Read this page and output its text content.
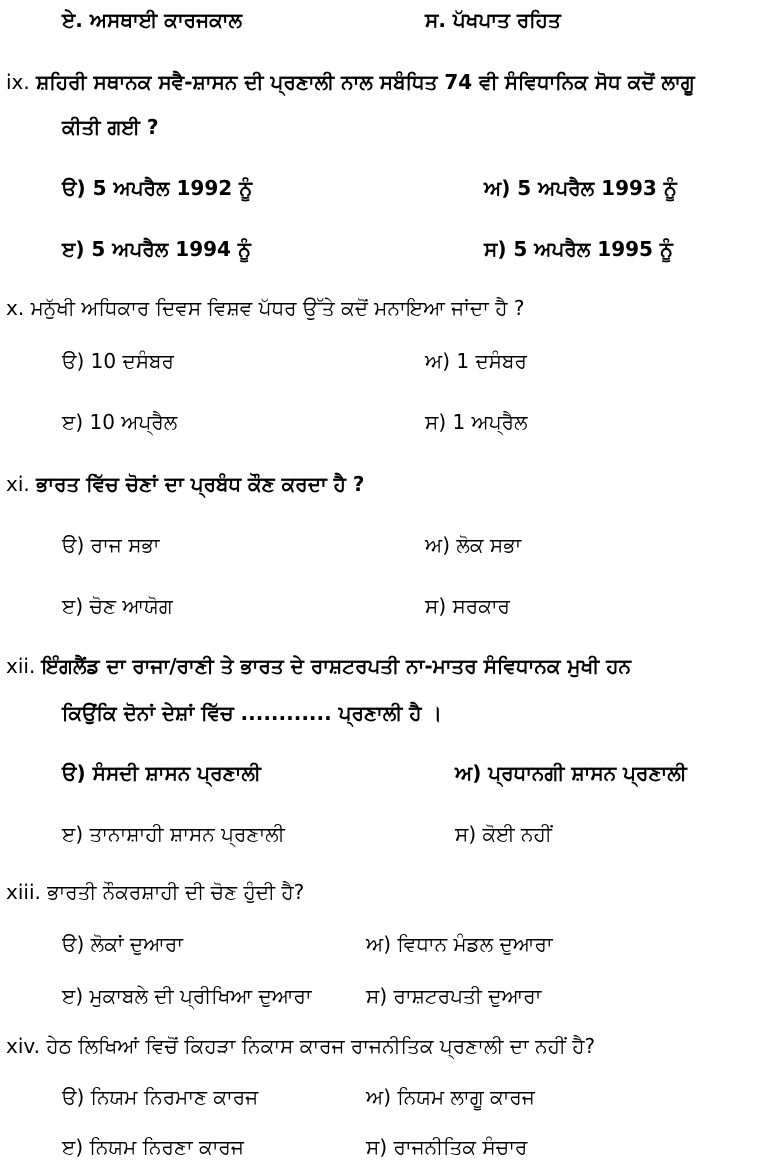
ਏ. ਅਸਥਾਈ ਕਾਰਜਕਾਲ	ਸ. ਪੱਖਪਾਤ ਰਹਿਤ
ix. ਸ਼ਹਿਰੀ ਸਥਾਨਕ ਸਵੈ-ਸ਼ਾਸਨ ਦੀ ਪ੍ਰਣਾਲੀ ਨਾਲ ਸਬੰਧਿਤ 74 ਵੀ ਸੰਵਿਧਾਨਿਕ ਸੋਧ ਕਦੋਂ ਲਾਗੂ
ਕੀਤੀ ਗਈ ?
ੳ) 5 ਅਪਰੈਲ 1992 ਨੂੰ	ਅ) 5 ਅਪਰੈਲ 1993 ਨੂੰ
ੲ) 5 ਅਪਰੈਲ 1994 ਨੂੰ	ਸ) 5 ਅਪਰੈਲ 1995 ਨੂੰ
x. ਮਨੁੱਖੀ ਅਧਿਕਾਰ ਦਿਵਸ ਵਿਸ਼ਵ ਪੱਧਰ ਉੱਤੇ ਕਦੋਂ ਮਨਾਇਆ ਜਾਂਦਾ ਹੈ ?
ੳ) 10 ਦਸੰਬਰ	ਅ) 1 ਦਸੰਬਰ
ੲ) 10 ਅਪ੍ਰੈਲ	ਸ) 1 ਅਪ੍ਰੈਲ
xi. ਭਾਰਤ ਵਿੱਚ ਚੋਣਾਂ ਦਾ ਪ੍ਰਬੰਧ ਕੌਣ ਕਰਦਾ ਹੈ ?
ੳ) ਰਾਜ ਸਭਾ	ਅ) ਲੋਕ ਸਭਾ
ੲ) ਚੋਣ ਆਯੋਗ	ਸ) ਸਰਕਾਰ
xii. ਇੰਗਲੈਂਡ ਦਾ ਰਾਜਾ/ਰਾਣੀ ਤੇ ਭਾਰਤ ਦੇ ਰਾਸ਼ਟਰਪਤੀ ਨਾ-ਮਾਤਰ ਸੰਵਿਧਾਨਕ ਮੁਖੀ ਹਨ
ਕਿਉਂਕਿ ਦੋਨਾਂ ਦੇਸ਼ਾਂ ਵਿੱਚ ............ ਪ੍ਰਣਾਲੀ ਹੈ ।
ੳ) ਸੰਸਦੀ ਸ਼ਾਸਨ ਪ੍ਰਣਾਲੀ	ਅ) ਪ੍ਰਧਾਨਗੀ ਸ਼ਾਸਨ ਪ੍ਰਣਾਲੀ
ੲ) ਤਾਨਾਸ਼ਾਹੀ ਸ਼ਾਸਨ ਪ੍ਰਣਾਲੀ	ਸ) ਕੋਈ ਨਹੀਂ
xiii. ਭਾਰਤੀ ਨੌਕਰਸ਼ਾਹੀ ਦੀ ਚੋਣ ਹੁੰਦੀ ਹੈ?
ੳ) ਲੋਕਾਂ ਦੁਆਰਾ	ਅ) ਵਿਧਾਨ ਮੰਡਲ ਦੁਆਰਾ
ੲ) ਮੁਕਾਬਲੇ ਦੀ ਪ੍ਰੀਖਿਆ ਦੁਆਰਾ	ਸ) ਰਾਸ਼ਟਰਪਤੀ ਦੁਆਰਾ
xiv. ਹੇਠ ਲਿਖਿਆਂ ਵਿਚੋਂ ਕਿਹੜਾ ਨਿਕਾਸ ਕਾਰਜ ਰਾਜਨੀਤਿਕ ਪ੍ਰਣਾਲੀ ਦਾ ਨਹੀਂ ਹੈ?
ੳ) ਨਿਯਮ ਨਿਰਮਾਣ ਕਾਰਜ	ਅ) ਨਿਯਮ ਲਾਗੂ ਕਾਰਜ
ੲ) ਨਿਯਮ ਨਿਰਣਾ ਕਾਰਜ	ਸ) ਰਾਜਨੀਤਿਕ ਸੰਚਾਰ
